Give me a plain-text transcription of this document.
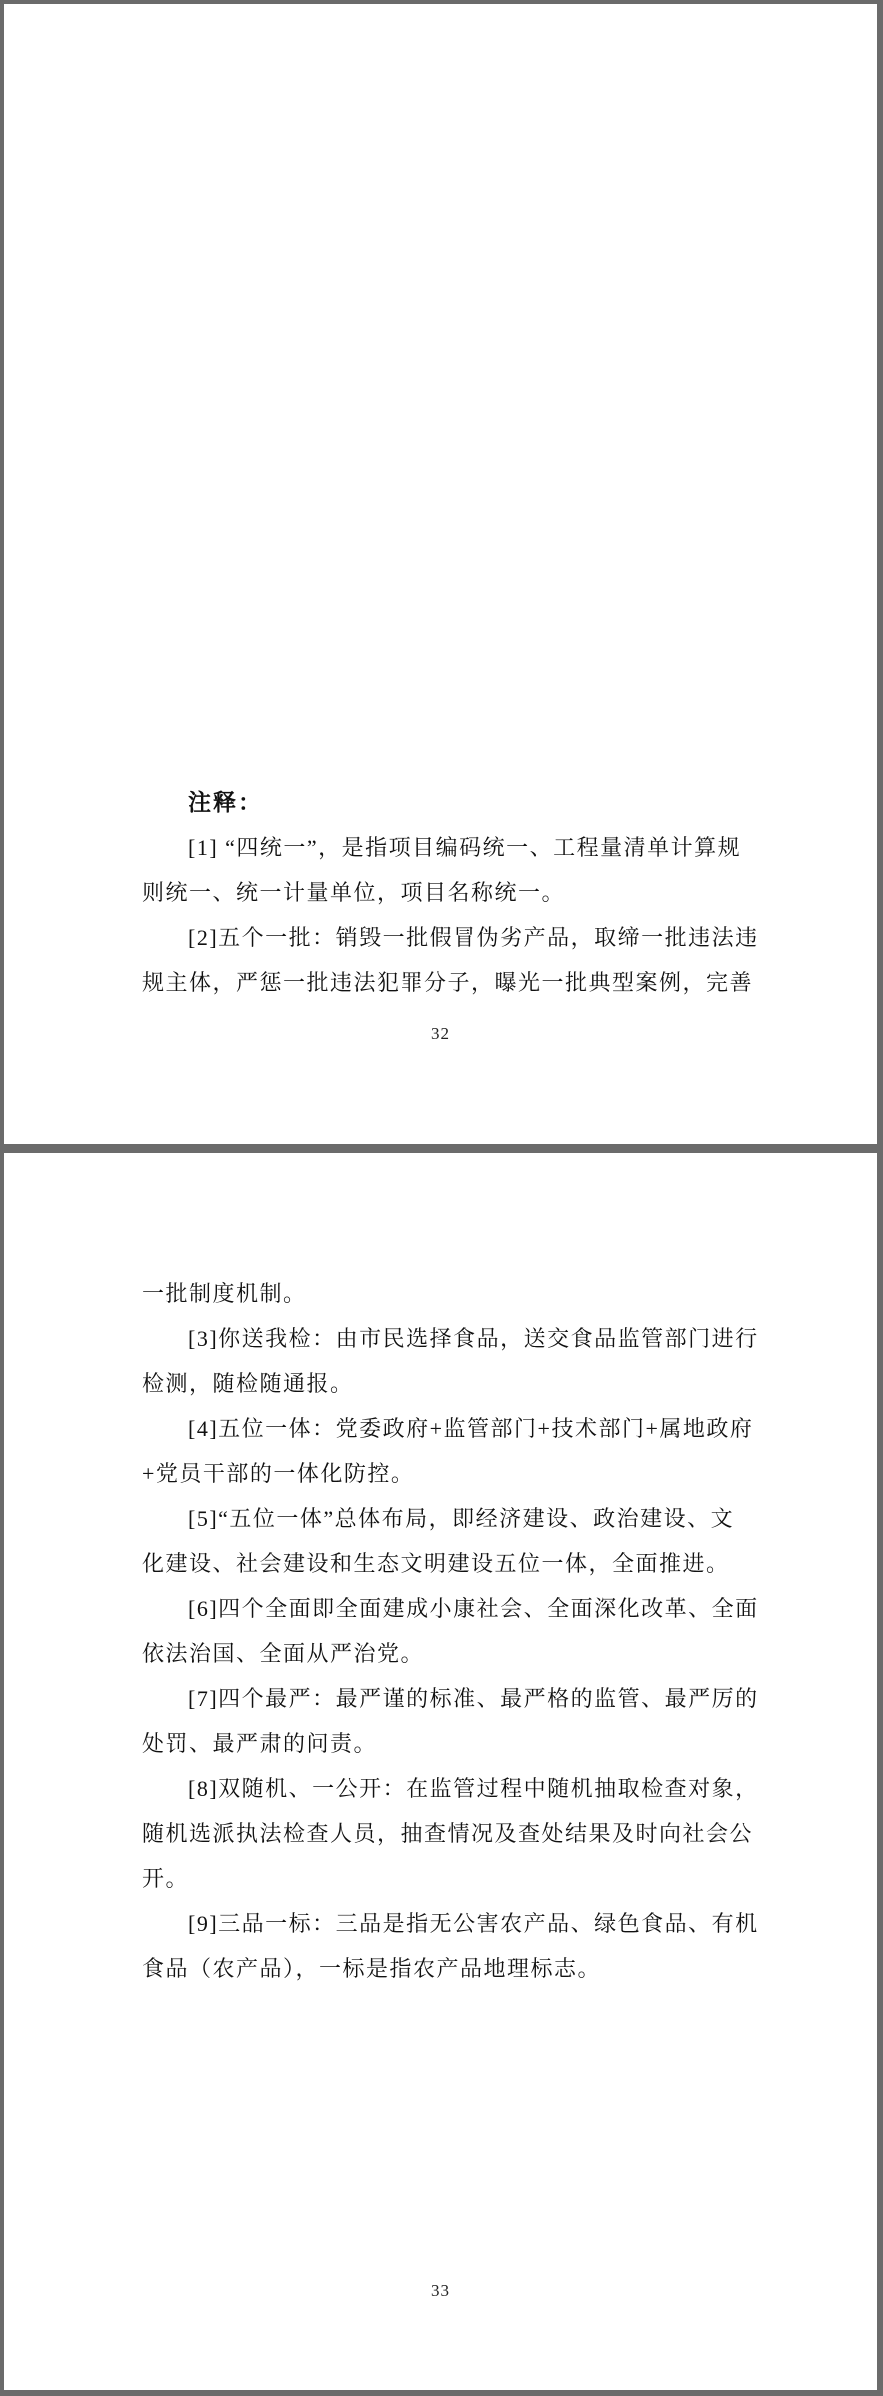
注释：
[1] “四统一”，是指项目编码统一、工程量清单计算规
则统一、统一计量单位，项目名称统一。
[2]五个一批：销毁一批假冒伪劣产品，取缔一批违法违
规主体，严惩一批违法犯罪分子，曝光一批典型案例，完善
32
一批制度机制。
[3]你送我检：由市民选择食品，送交食品监管部门进行
检测，随检随通报。
[4]五位一体：党委政府+监管部门+技术部门+属地政府
+党员干部的一体化防控。
[5]“五位一体”总体布局，即经济建设、政治建设、文
化建设、社会建设和生态文明建设五位一体，全面推进。
[6]四个全面即全面建成小康社会、全面深化改革、全面
依法治国、全面从严治党。
[7]四个最严：最严谨的标准、最严格的监管、最严厉的
处罚、最严肃的问责。
[8]双随机、一公开：在监管过程中随机抽取检查对象，
随机选派执法检查人员，抽查情况及查处结果及时向社会公
开。
[9]三品一标：三品是指无公害农产品、绿色食品、有机
食品（农产品），一标是指农产品地理标志。
33
